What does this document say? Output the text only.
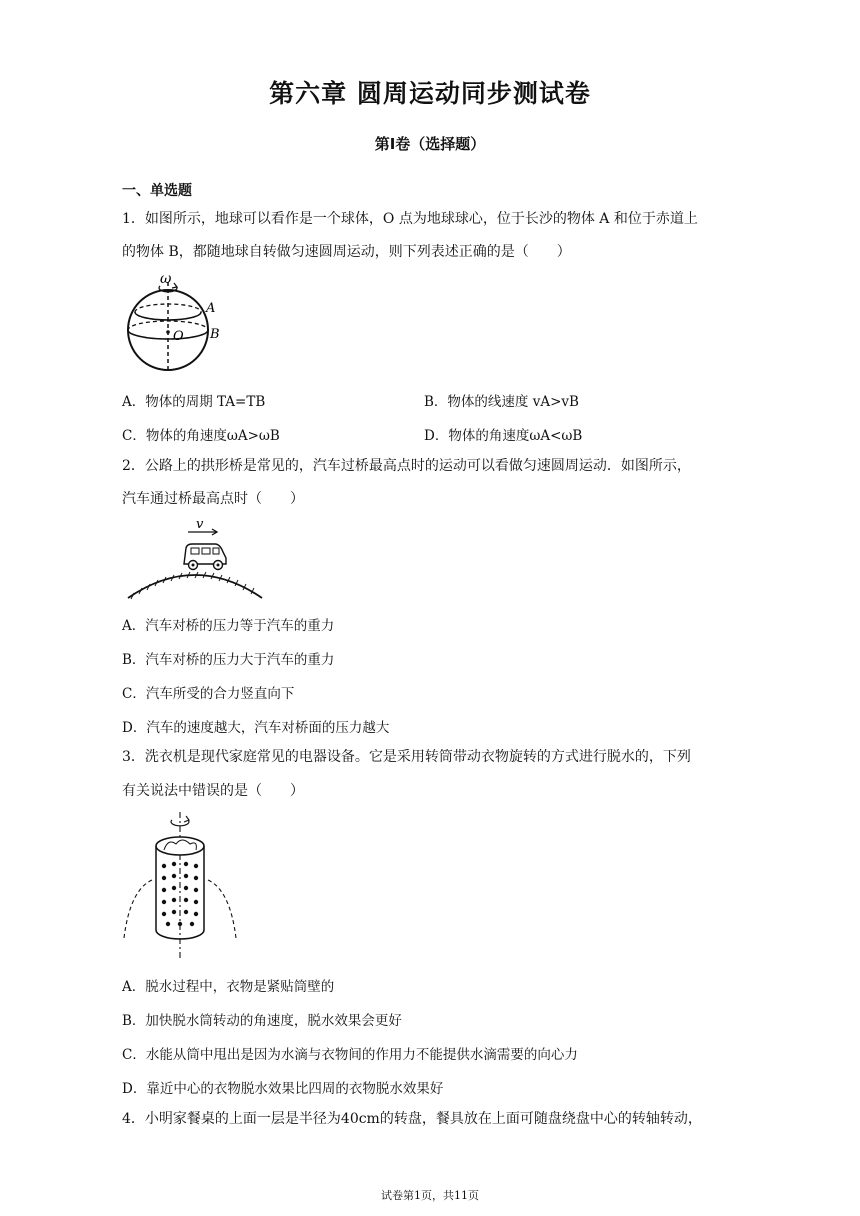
第六章 圆周运动同步测试卷
第I卷（选择题）
一、单选题
1．如图所示，地球可以看作是一个球体，O 点为地球球心，位于长沙的物体 A 和位于赤道上
的物体 B，都随地球自转做匀速圆周运动，则下列表述正确的是（　　）
ω
A
B
O
A．物体的周期 TA=TB	B．物体的线速度 vA>vB
C．物体的角速度ωA>ωB	D．物体的角速度ωA<ωB
2．公路上的拱形桥是常见的，汽车过桥最高点时的运动可以看做匀速圆周运动．如图所示，
汽车通过桥最高点时（　　）
v
A．汽车对桥的压力等于汽车的重力
B．汽车对桥的压力大于汽车的重力
C．汽车所受的合力竖直向下
D．汽车的速度越大，汽车对桥面的压力越大
3．洗衣机是现代家庭常见的电器设备。它是采用转筒带动衣物旋转的方式进行脱水的，下列
有关说法中错误的是（　　）
A．脱水过程中，衣物是紧贴筒壁的
B．加快脱水筒转动的角速度，脱水效果会更好
C．水能从筒中甩出是因为水滴与衣物间的作用力不能提供水滴需要的向心力
D．靠近中心的衣物脱水效果比四周的衣物脱水效果好
4．小明家餐桌的上面一层是半径为40cm的转盘，餐具放在上面可随盘绕盘中心的转轴转动，
试卷第1页，共11页
